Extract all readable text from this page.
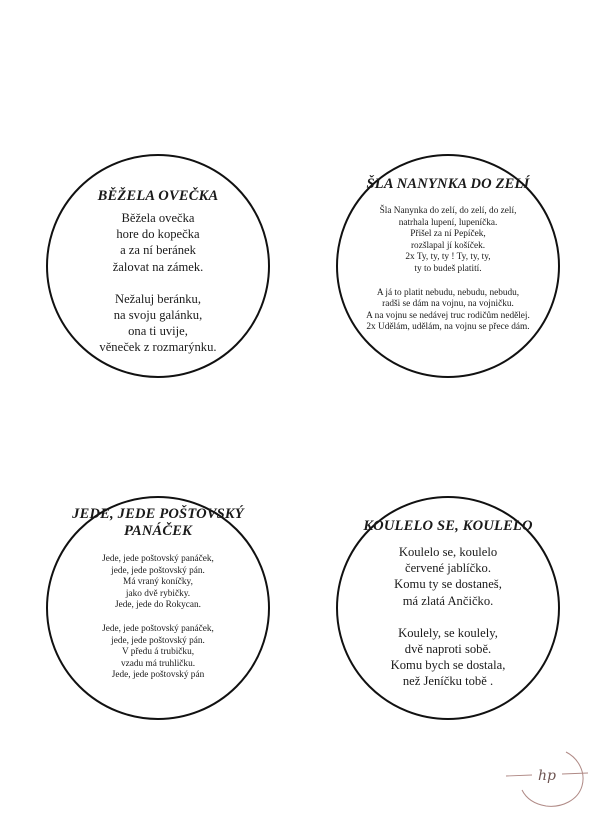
BĚŽELA OVEČKA
Běžela ovečka
hore do kopečka
a za ní beránek
žalovat na zámek.
Nežaluj beránku,
na svoju galánku,
ona ti uvije,
věneček z rozmarýnku.
ŠLA NANYNKA DO ZELÍ
Šla Nanynka do zelí, do zelí, do zelí,
natrhala lupení, lupeníčka.
Přišel za ní Pepíček,
rozšlapal jí košíček.
2x Ty, ty, ty ! Ty, ty, ty,
ty to budeš platití.
A já to platit nebudu, nebudu, nebudu,
radši se dám na vojnu, na vojničku.
A na vojnu se nedávej truc rodičům nedělej.
2x Udělám, udělám, na vojnu se přece dám.
JEDE, JEDE POŠTOVSKÝ
PANÁČEK
Jede, jede poštovský panáček,
jede, jede poštovský pán.
Má vraný koníčky,
jako dvě rybičky.
Jede, jede do Rokycan.
Jede, jede poštovský panáček,
jede, jede poštovský pán.
V předu á trubičku,
vzadu má truhličku.
Jede, jede poštovský pán
KOULELO SE, KOULELO
Koulelo se, koulelo
červené jablíčko.
Komu ty se dostaneš,
má zlatá Ančičko.
Koulely, se koulely,
dvě naproti sobě.
Komu bych se dostala,
než Jeníčku tobě .
hp
